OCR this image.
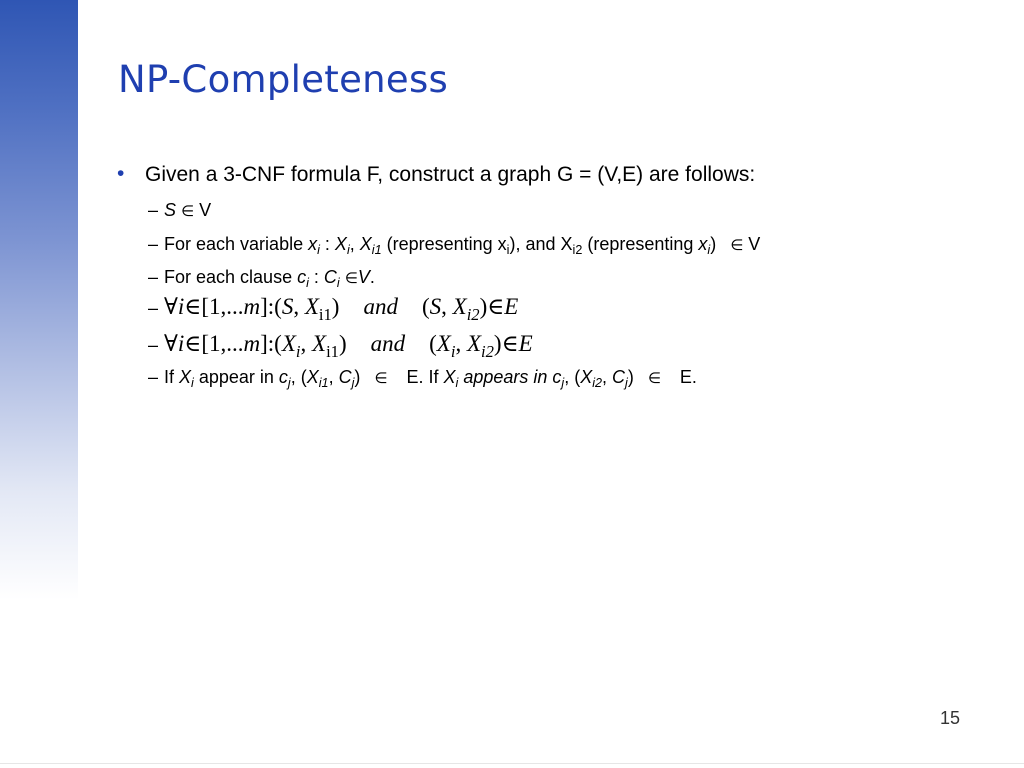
NP-Completeness
• Given a 3-CNF formula F, construct a graph G = (V,E) are follows:
– S ∈ V
– For each variable $x_i$ : $X_i$, $X_{i1}$ (representing $x_i$), and $X_{i2}$ (representing $x_i$) ∈ V
– For each clause $c_i$ : $C_i$ ∈V.
– ∀i∈[1,...m]:(S, $X_{i1}$) and (S, $X_{i2})\in E$
– $\forall i\in[1,...m]:(X_i$, $X_{i1}$) and ($X_i$, $X_{i2})\in E$
– If $X_i$ appear in $c_j$, ($X_{i1}$, $C_j$) ∈ E. If $X_i$ appears in $c_j$, ($X_{i2}$, $C_j$) ∈ E.
15
